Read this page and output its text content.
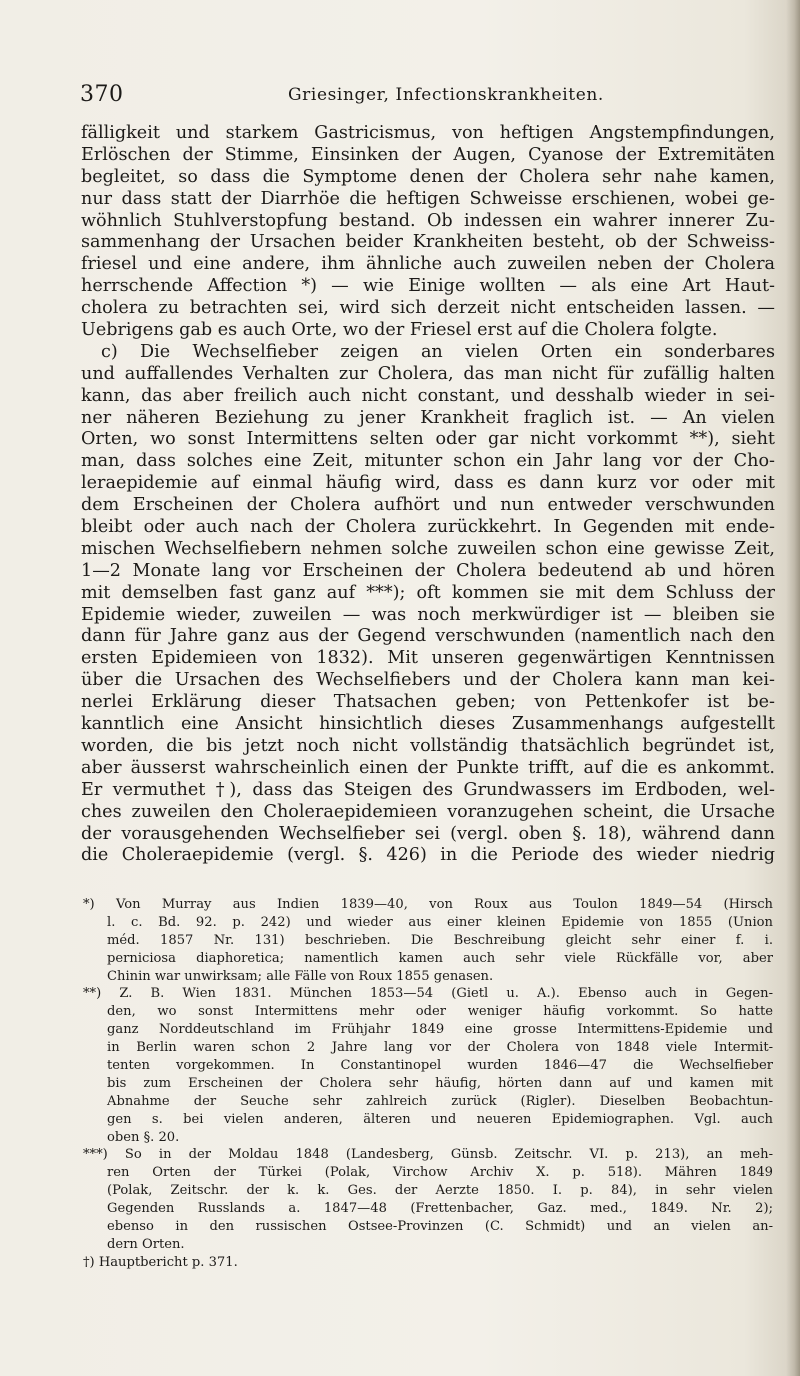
370	Griesinger, Infectionskrankheiten.
fälligkeit und starkem Gastricismus, von heftigen Angstempfindungen,
Erlöschen der Stimme, Einsinken der Augen, Cyanose der Extremitäten
begleitet, so dass die Symptome denen der Cholera sehr nahe kamen,
nur dass statt der Diarrhöe die heftigen Schweisse erschienen, wobei ge-
wöhnlich Stuhlverstopfung bestand. Ob indessen ein wahrer innerer Zu-
sammenhang der Ursachen beider Krankheiten besteht, ob der Schweiss-
friesel und eine andere, ihm ähnliche auch zuweilen neben der Cholera
herrschende Affection *) — wie Einige wollten — als eine Art Haut-
cholera zu betrachten sei, wird sich derzeit nicht entscheiden lassen. —
Uebrigens gab es auch Orte, wo der Friesel erst auf die Cholera folgte.
c) Die Wechselfieber zeigen an vielen Orten ein sonderbares
und auffallendes Verhalten zur Cholera, das man nicht für zufällig halten
kann, das aber freilich auch nicht constant, und desshalb wieder in sei-
ner näheren Beziehung zu jener Krankheit fraglich ist. — An vielen
Orten, wo sonst Intermittens selten oder gar nicht vorkommt **), sieht
man, dass solches eine Zeit, mitunter schon ein Jahr lang vor der Cho-
leraepidemie auf einmal häufig wird, dass es dann kurz vor oder mit
dem Erscheinen der Cholera aufhört und nun entweder verschwunden
bleibt oder auch nach der Cholera zurückkehrt. In Gegenden mit ende-
mischen Wechselfiebern nehmen solche zuweilen schon eine gewisse Zeit,
1—2 Monate lang vor Erscheinen der Cholera bedeutend ab und hören
mit demselben fast ganz auf ***); oft kommen sie mit dem Schluss der
Epidemie wieder, zuweilen — was noch merkwürdiger ist — bleiben sie
dann für Jahre ganz aus der Gegend verschwunden (namentlich nach den
ersten Epidemieen von 1832). Mit unseren gegenwärtigen Kenntnissen
über die Ursachen des Wechselfiebers und der Cholera kann man kei-
nerlei Erklärung dieser Thatsachen geben; von Pettenkofer ist be-
kanntlich eine Ansicht hinsichtlich dieses Zusammenhangs aufgestellt
worden, die bis jetzt noch nicht vollständig thatsächlich begründet ist,
aber äusserst wahrscheinlich einen der Punkte trifft, auf die es ankommt.
Er vermuthet †), dass das Steigen des Grundwassers im Erdboden, wel-
ches zuweilen den Choleraepidemieen voranzugehen scheint, die Ursache
der vorausgehenden Wechselfieber sei (vergl. oben §. 18), während dann
die Choleraepidemie (vergl. §. 426) in die Periode des wieder niedrig
*) Von Murray aus Indien 1839—40, von Roux aus Toulon 1849—54 (Hirsch
l. c. Bd. 92. p. 242) und wieder aus einer kleinen Epidemie von 1855 (Union
méd. 1857 Nr. 131) beschrieben. Die Beschreibung gleicht sehr einer f. i.
perniciosa diaphoretica; namentlich kamen auch sehr viele Rückfälle vor, aber
Chinin war unwirksam; alle Fälle von Roux 1855 genasen.
**) Z. B. Wien 1831. München 1853—54 (Gietl u. A.). Ebenso auch in Gegen-
den, wo sonst Intermittens mehr oder weniger häufig vorkommt. So hatte
ganz Norddeutschland im Frühjahr 1849 eine grosse Intermittens-Epidemie und
in Berlin waren schon 2 Jahre lang vor der Cholera von 1848 viele Intermit-
tenten vorgekommen. In Constantinopel wurden 1846—47 die Wechselfieber
bis zum Erscheinen der Cholera sehr häufig, hörten dann auf und kamen mit
Abnahme der Seuche sehr zahlreich zurück (Rigler). Dieselben Beobachtun-
gen s. bei vielen anderen, älteren und neueren Epidemiographen. Vgl. auch
oben §. 20.
***) So in der Moldau 1848 (Landesberg, Günsb. Zeitschr. VI. p. 213), an meh-
ren Orten der Türkei (Polak, Virchow Archiv X. p. 518). Mähren 1849
(Polak, Zeitschr. der k. k. Ges. der Aerzte 1850. I. p. 84), in sehr vielen
Gegenden Russlands a. 1847—48 (Frettenbacher, Gaz. med., 1849. Nr. 2);
ebenso in den russischen Ostsee-Provinzen (C. Schmidt) und an vielen an-
dern Orten.
†) Hauptbericht p. 371.
